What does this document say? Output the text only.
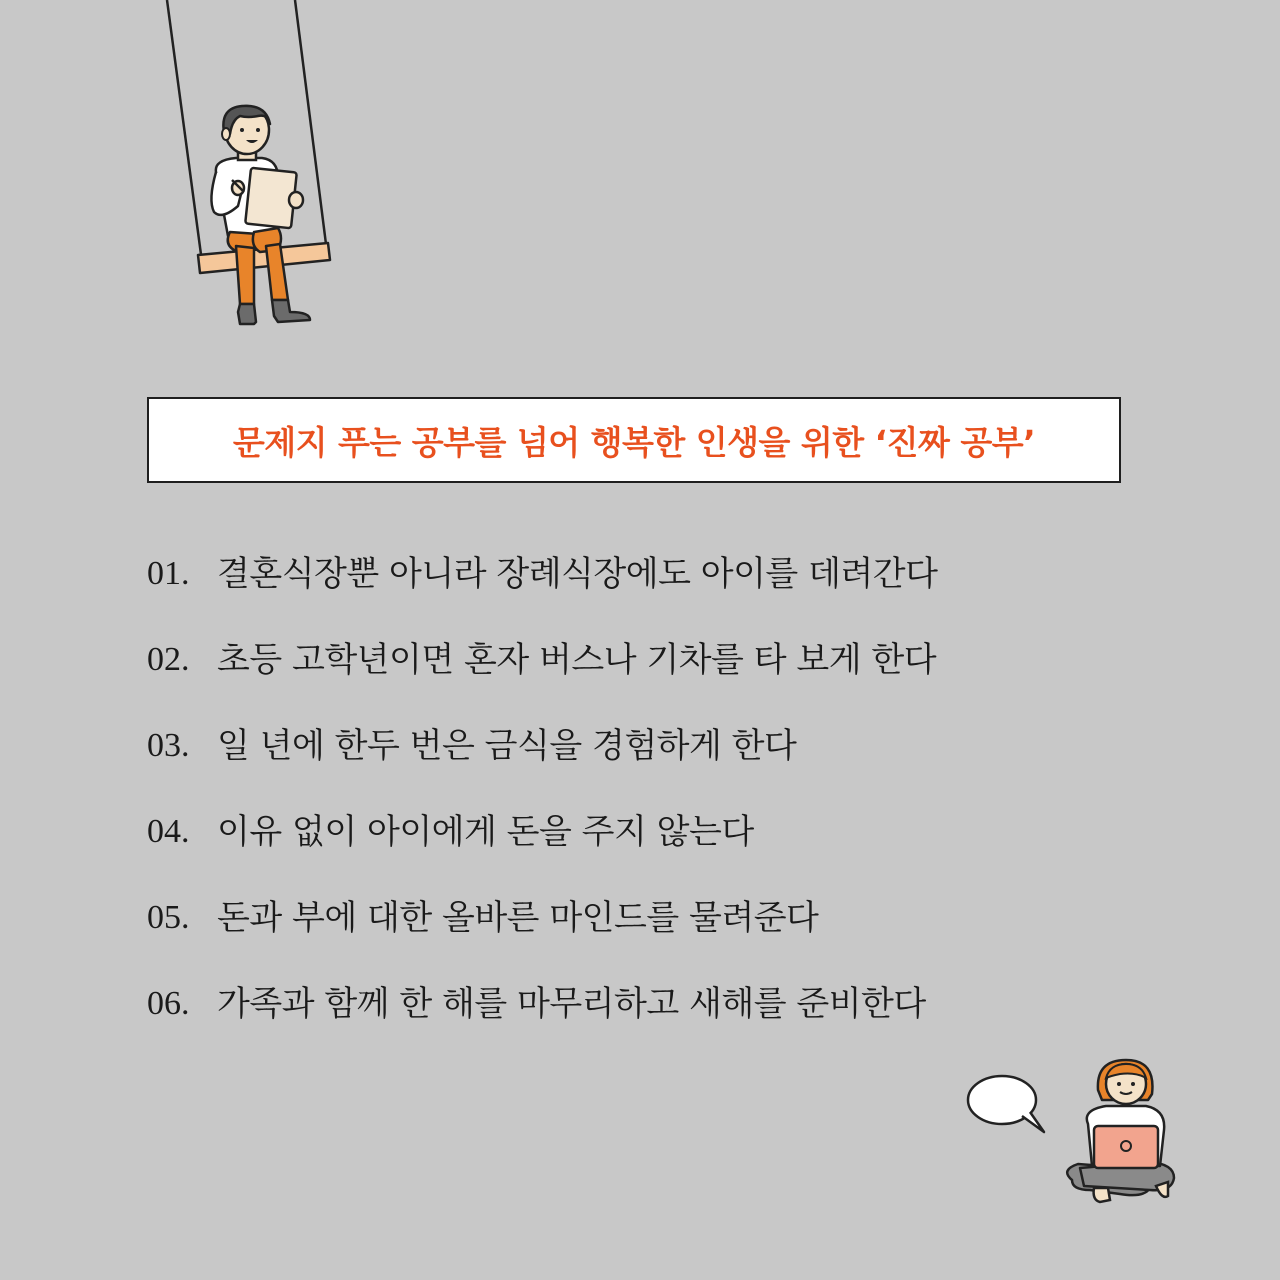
문제지 푸는 공부를 넘어 행복한 인생을 위한 ‘진짜 공부’
01. 결혼식장뿐 아니라 장례식장에도 아이를 데려간다
02. 초등 고학년이면 혼자 버스나 기차를 타 보게 한다
03. 일 년에 한두 번은 금식을 경험하게 한다
04. 이유 없이 아이에게 돈을 주지 않는다
05. 돈과 부에 대한 올바른 마인드를 물려준다
06. 가족과 함께 한 해를 마무리하고 새해를 준비한다
